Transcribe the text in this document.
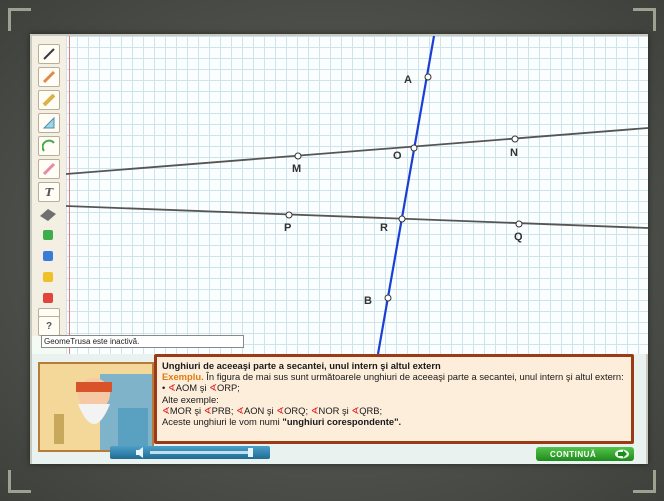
T
A
O	N
M
P	R
Q
B
?
GeomeTrusa este inactivă.
Unghiuri de aceeaşi parte a secantei, unul intern şi altul extern
Exemplu. În figura de mai sus sunt următoarele unghiuri de aceeaşi parte a secantei, unul intern şi altul extern:
• ∢AOM şi ∢ORP;
Alte exemple:
∢MOR şi ∢PRB; ∢AON şi ∢ORQ; ∢NOR şi ∢QRB;
Aceste unghiuri le vom numi "unghiuri corespondente".
CONTINUĂ
